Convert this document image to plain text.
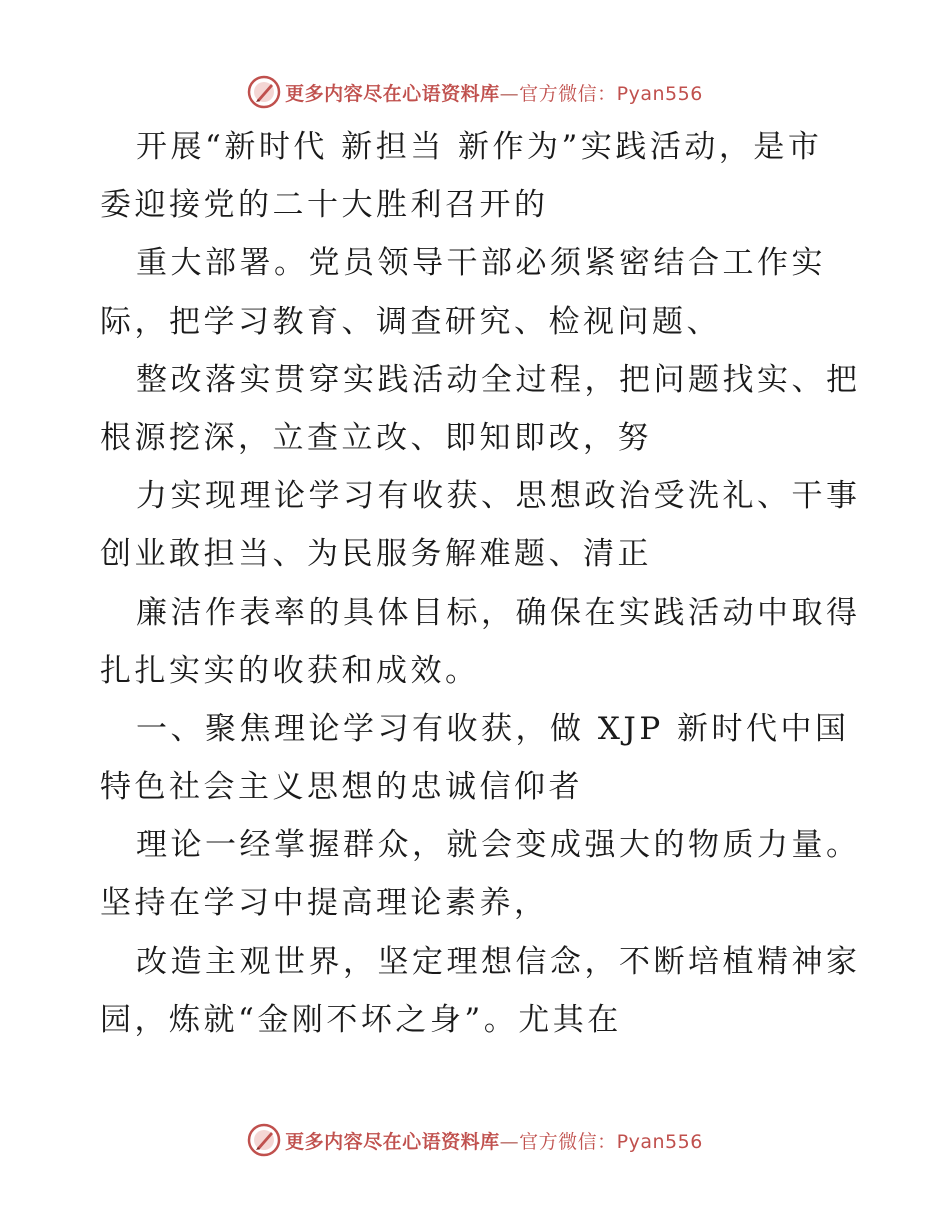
更多内容尽在心语资料库—官方微信：Pyan556
开展“新时代 新担当 新作为”实践活动，是市
委迎接党的二十大胜利召开的
重大部署。党员领导干部必须紧密结合工作实
际，把学习教育、调查研究、检视问题、
整改落实贯穿实践活动全过程，把问题找实、把
根源挖深，立查立改、即知即改，努
力实现理论学习有收获、思想政治受洗礼、干事
创业敢担当、为民服务解难题、清正
廉洁作表率的具体目标，确保在实践活动中取得
扎扎实实的收获和成效。
一、聚焦理论学习有收获，做 XJP 新时代中国
特色社会主义思想的忠诚信仰者
理论一经掌握群众，就会变成强大的物质力量。
坚持在学习中提高理论素养，
改造主观世界，坚定理想信念，不断培植精神家
园，炼就“金刚不坏之身”。尤其在
更多内容尽在心语资料库—官方微信：Pyan556
